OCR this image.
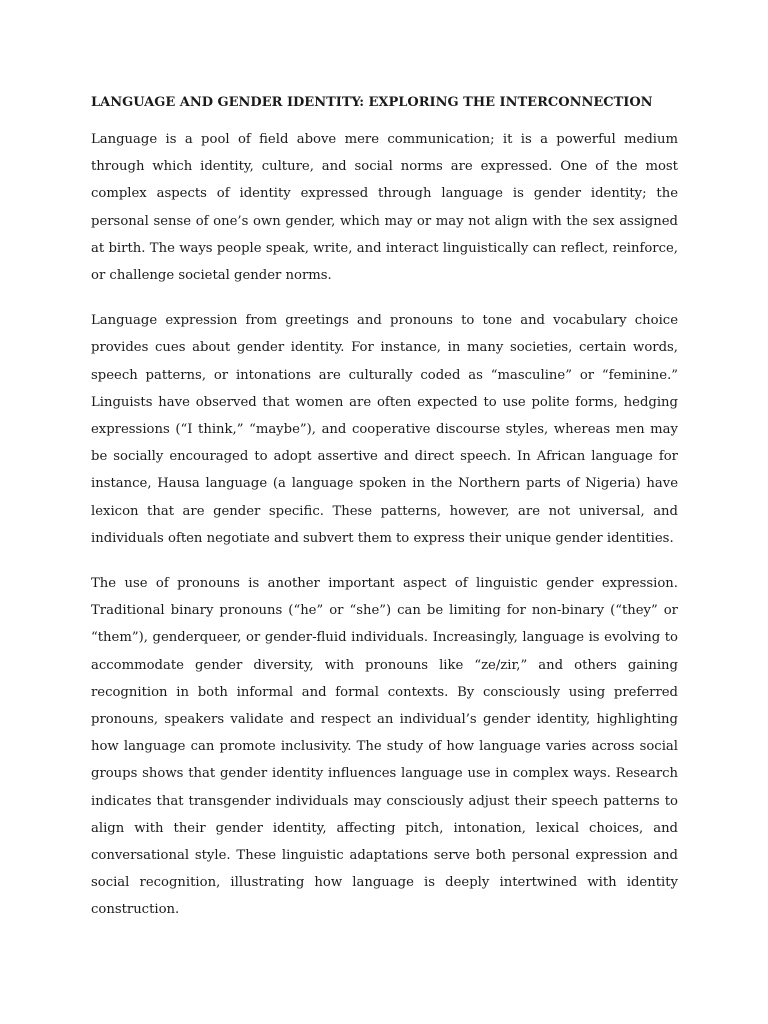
LANGUAGE AND GENDER IDENTITY: EXPLORING THE INTERCONNECTION

Language is a pool of field above mere communication; it is a powerful medium through which identity, culture, and social norms are expressed. One of the most complex aspects of identity expressed through language is gender identity; the personal sense of one’s own gender, which may or may not align with the sex assigned at birth. The ways people speak, write, and interact linguistically can reflect, reinforce, or challenge societal gender norms.

Language expression from greetings and pronouns to tone and vocabulary choice provides cues about gender identity. For instance, in many societies, certain words, speech patterns, or intonations are culturally coded as “masculine” or “feminine.” Linguists have observed that women are often expected to use polite forms, hedging expressions (“I think,” “maybe”), and cooperative discourse styles, whereas men may be socially encouraged to adopt assertive and direct speech. In African language for instance, Hausa language (a language spoken in the Northern parts of Nigeria) have lexicon that are gender specific. These patterns, however, are not universal, and individuals often negotiate and subvert them to express their unique gender identities.

The use of pronouns is another important aspect of linguistic gender expression. Traditional binary pronouns (“he” or “she”) can be limiting for non-binary (“they” or “them”), genderqueer, or gender-fluid individuals. Increasingly, language is evolving to accommodate gender diversity, with pronouns like “ze/zir,” and others gaining recognition in both informal and formal contexts. By consciously using preferred pronouns, speakers validate and respect an individual’s gender identity, highlighting how language can promote inclusivity. The study of how language varies across social groups shows that gender identity influences language use in complex ways. Research indicates that transgender individuals may consciously adjust their speech patterns to align with their gender identity, affecting pitch, intonation, lexical choices, and conversational style. These linguistic adaptations serve both personal expression and social recognition, illustrating how language is deeply intertwined with identity construction.
